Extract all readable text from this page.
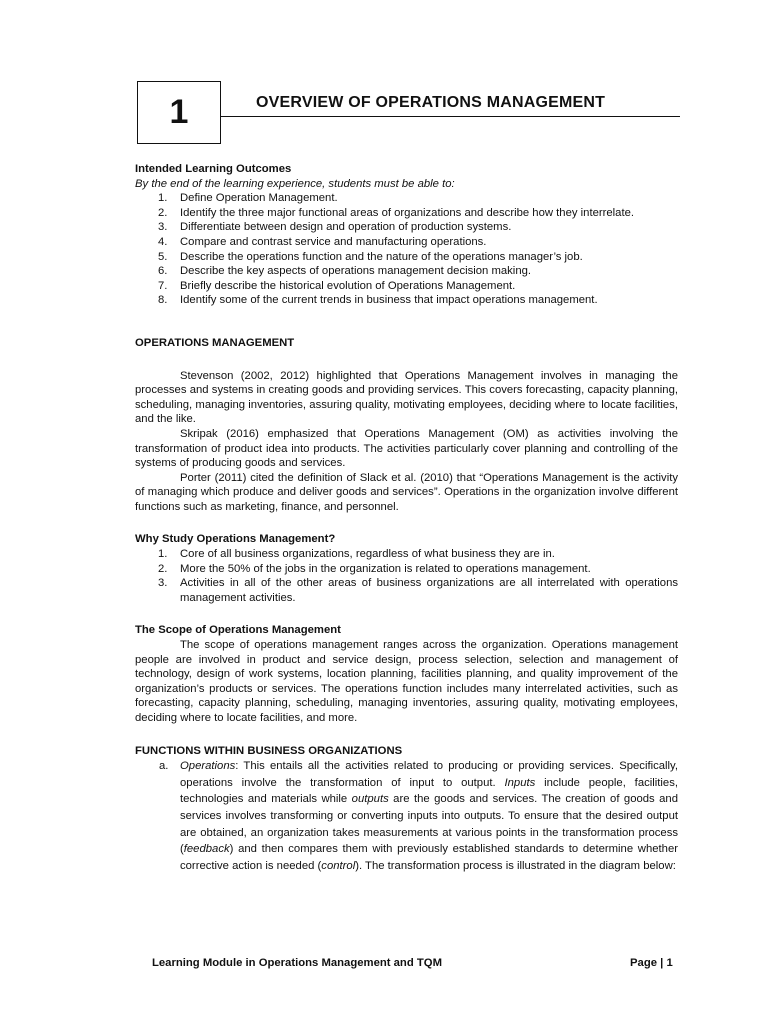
1	OVERVIEW OF OPERATIONS MANAGEMENT
Intended Learning Outcomes
By the end of the learning experience, students must be able to:
1. Define Operation Management.
2. Identify the three major functional areas of organizations and describe how they interrelate.
3. Differentiate between design and operation of production systems.
4. Compare and contrast service and manufacturing operations.
5. Describe the operations function and the nature of the operations manager’s job.
6. Describe the key aspects of operations management decision making.
7. Briefly describe the historical evolution of Operations Management.
8. Identify some of the current trends in business that impact operations management.
OPERATIONS MANAGEMENT

Stevenson (2002, 2012) highlighted that Operations Management involves in managing the processes and systems in creating goods and providing services. This covers forecasting, capacity planning, scheduling, managing inventories, assuring quality, motivating employees, deciding where to locate facilities, and the like.

Skripak (2016) emphasized that Operations Management (OM) as activities involving the transformation of product idea into products. The activities particularly cover planning and controlling of the systems of producing goods and services.

Porter (2011) cited the definition of Slack et al. (2010) that “Operations Management is the activity of managing which produce and deliver goods and services”. Operations in the organization involve different functions such as marketing, finance, and personnel.

Why Study Operations Management?
1. Core of all business organizations, regardless of what business they are in.
2. More the 50% of the jobs in the organization is related to operations management.
3. Activities in all of the other areas of business organizations are all interrelated with operations management activities.
The Scope of Operations Management

The scope of operations management ranges across the organization. Operations management people are involved in product and service design, process selection, selection and management of technology, design of work systems, location planning, facilities planning, and quality improvement of the organization’s products or services. The operations function includes many interrelated activities, such as forecasting, capacity planning, scheduling, managing inventories, assuring quality, motivating employees, deciding where to locate facilities, and more.

FUNCTIONS WITHIN BUSINESS ORGANIZATIONS
a. Operations: This entails all the activities related to producing or providing services. Specifically, operations involve the transformation of input to output. Inputs include people, facilities, technologies and materials while outputs are the goods and services. The creation of goods and services involves transforming or converting inputs into outputs. To ensure that the desired output are obtained, an organization takes measurements at various points in the transformation process (feedback) and then compares them with previously established standards to determine whether corrective action is needed (control). The transformation process is illustrated in the diagram below:
Learning Module in Operations Management and TQM	Page | 1
